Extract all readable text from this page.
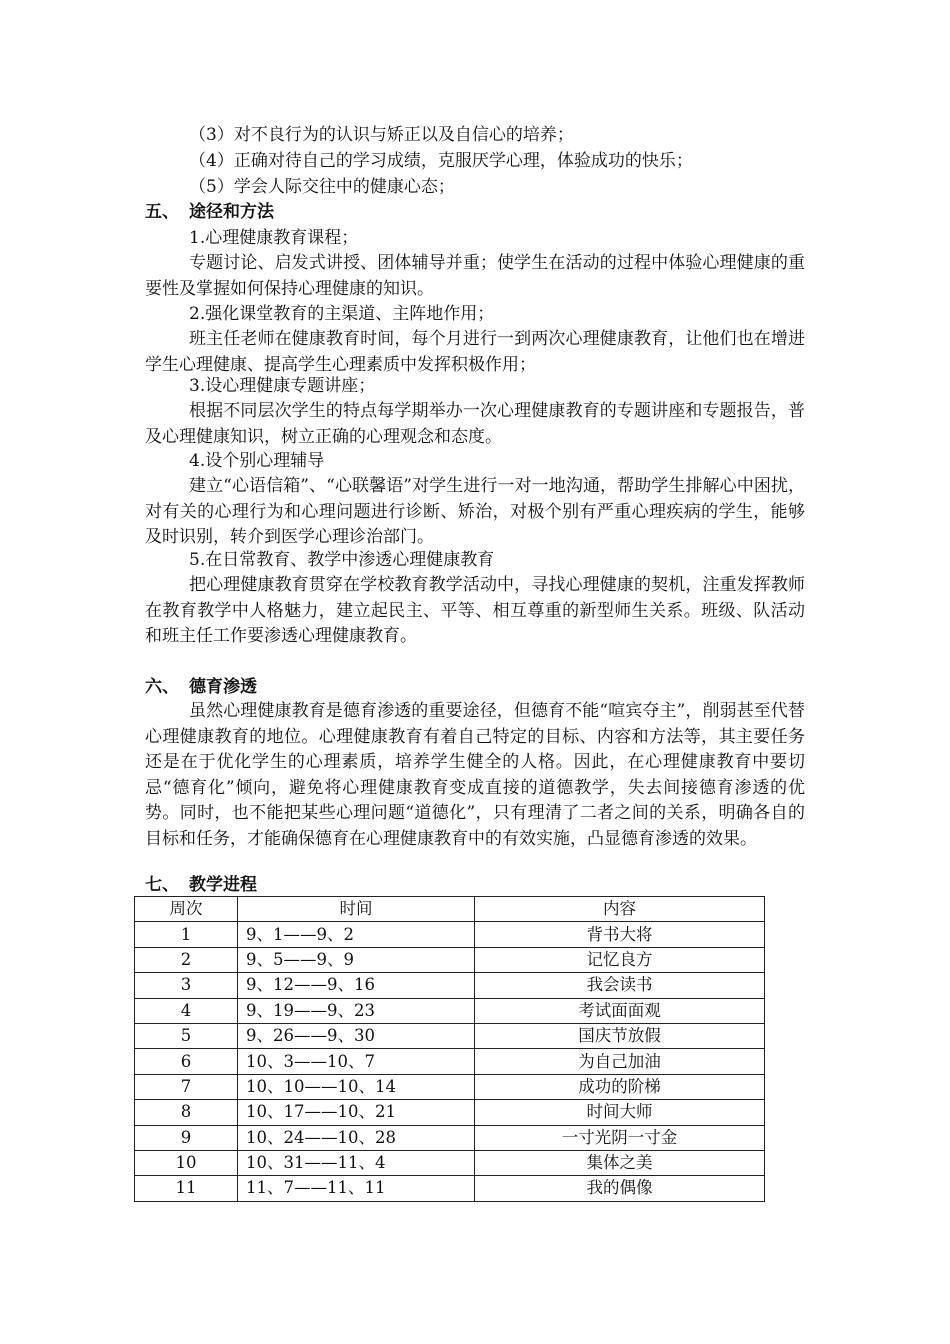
（3）对不良行为的认识与矫正以及自信心的培养；

（4）正确对待自己的学习成绩，克服厌学心理，体验成功的快乐；

（5）学会人际交往中的健康心态；

五、 途径和方法

1.心理健康教育课程；

专题讨论、启发式讲授、团体辅导并重；使学生在活动的过程中体验心理健康的重要性及掌握如何保持心理健康的知识。

2.强化课堂教育的主渠道、主阵地作用；

班主任老师在健康教育时间，每个月进行一到两次心理健康教育，让他们也在增进学生心理健康、提高学生心理素质中发挥积极作用；

3.设心理健康专题讲座；

根据不同层次学生的特点每学期举办一次心理健康教育的专题讲座和专题报告，普及心理健康知识，树立正确的心理观念和态度。

4.设个别心理辅导

建立“心语信箱”、“心联馨语”对学生进行一对一地沟通，帮助学生排解心中困扰，对有关的心理行为和心理问题进行诊断、矫治，对极个别有严重心理疾病的学生，能够及时识别，转介到医学心理诊治部门。

5.在日常教育、教学中渗透心理健康教育

把心理健康教育贯穿在学校教育教学活动中，寻找心理健康的契机，注重发挥教师在教育教学中人格魅力，建立起民主、平等、相互尊重的新型师生关系。班级、队活动和班主任工作要渗透心理健康教育。

六、 德育渗透

虽然心理健康教育是德育渗透的重要途径，但德育不能“喧宾夺主”，削弱甚至代替心理健康教育的地位。心理健康教育有着自己特定的目标、内容和方法等，其主要任务还是在于优化学生的心理素质，培养学生健全的人格。因此，在心理健康教育中要切忌“德育化”倾向，避免将心理健康教育变成直接的道德教学，失去间接德育渗透的优势。同时，也不能把某些心理问题“道德化”，只有理清了二者之间的关系，明确各自的目标和任务，才能确保德育在心理健康教育中的有效实施，凸显德育渗透的效果。

七、 教学进程
周次	时间	内容
1	9、1——9、2	背书大将
2	9、5——9、9	记忆良方
3	9、12——9、16	我会读书
4	9、19——9、23	考试面面观
5	9、26——9、30	国庆节放假
6	10、3——10、7	为自己加油
7	10、10——10、14	成功的阶梯
8	10、17——10、21	时间大师
9	10、24——10、28	一寸光阴一寸金
10	10、31——11、4	集体之美
11	11、7——11、11	我的偶像
